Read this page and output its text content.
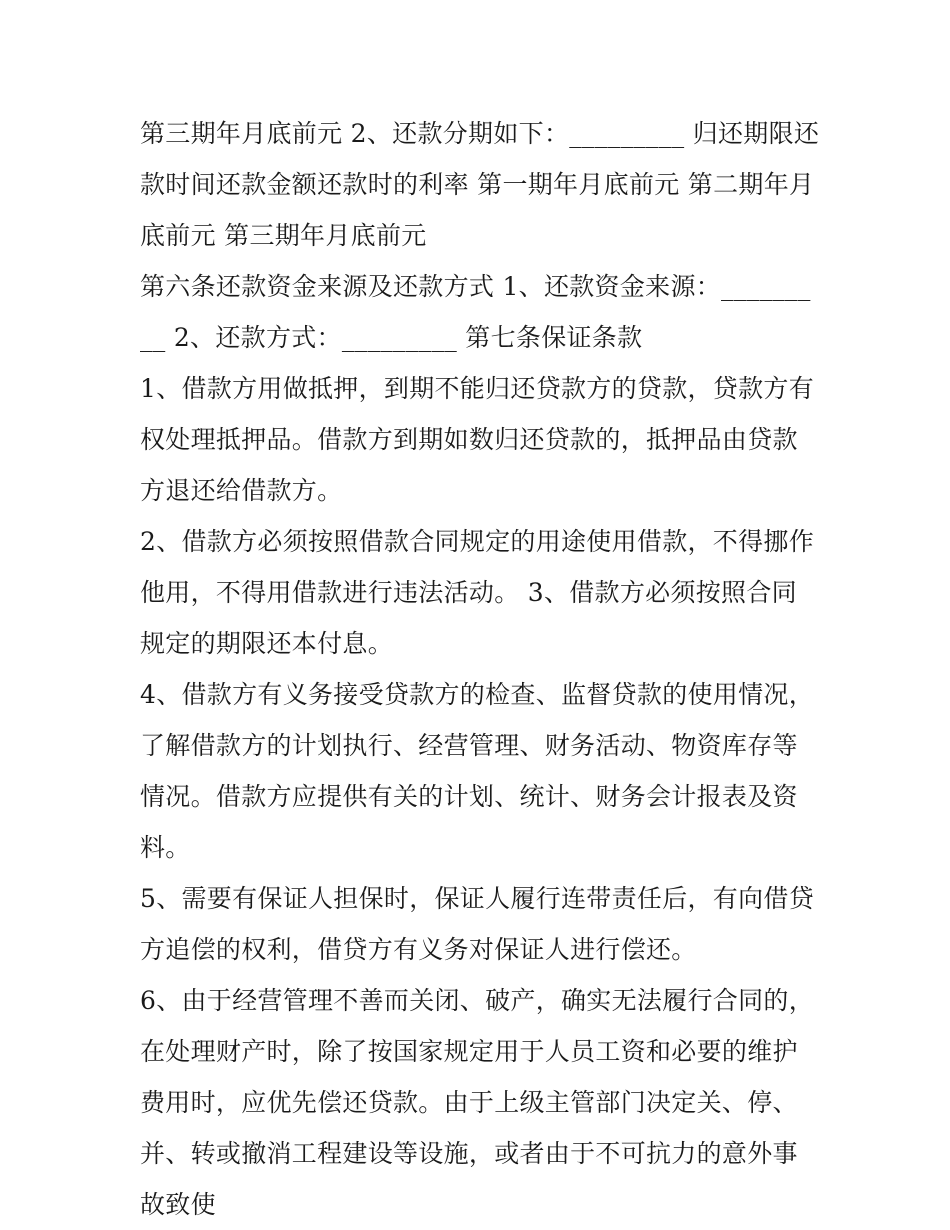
第三期年月底前元 2、还款分期如下：_________ 归还期限还款时间还款金额还款时的利率 第一期年月底前元 第二期年月底前元 第三期年月底前元

第六条还款资金来源及还款方式 1、还款资金来源：_________ 2、还款方式：_________ 第七条保证条款

1、借款方用做抵押，到期不能归还贷款方的贷款，贷款方有权处理抵押品。借款方到期如数归还贷款的，抵押品由贷款方退还给借款方。

2、借款方必须按照借款合同规定的用途使用借款，不得挪作他用，不得用借款进行违法活动。 3、借款方必须按照合同规定的期限还本付息。

4、借款方有义务接受贷款方的检查、监督贷款的使用情况，了解借款方的计划执行、经营管理、财务活动、物资库存等情况。借款方应提供有关的计划、统计、财务会计报表及资料。

5、需要有保证人担保时，保证人履行连带责任后，有向借贷方追偿的权利，借贷方有义务对保证人进行偿还。

6、由于经营管理不善而关闭、破产，确实无法履行合同的，在处理财产时，除了按国家规定用于人员工资和必要的维护费用时，应优先偿还贷款。由于上级主管部门决定关、停、并、转或撤消工程建设等设施，或者由于不可抗力的意外事故致使
